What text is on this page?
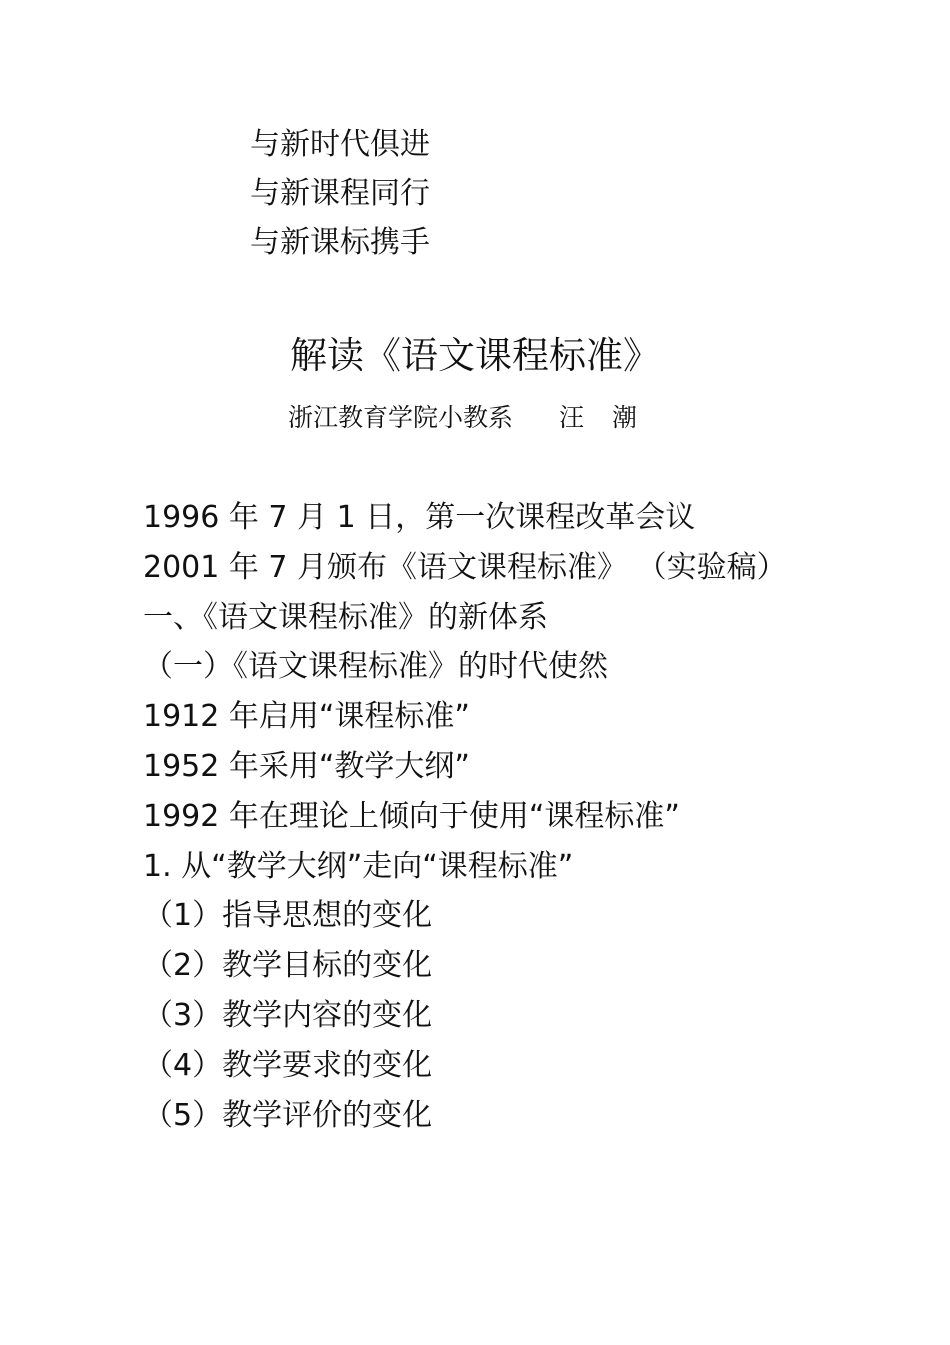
与新时代俱进
与新课程同行
与新课标携手
解读《语文课程标准》
浙江教育学院小教系 汪 潮
1996 年 7 月 1 日，第一次课程改革会议
2001 年 7 月颁布《语文课程标准》 （实验稿）
一、《语文课程标准》的新体系
（一）《语文课程标准》的时代使然
1912 年启用“课程标准”
1952 年采用“教学大纲”
1992 年在理论上倾向于使用“课程标准”
1. 从“教学大纲”走向“课程标准”
（1）指导思想的变化
（2）教学目标的变化
（3）教学内容的变化
（4）教学要求的变化
（5）教学评价的变化
